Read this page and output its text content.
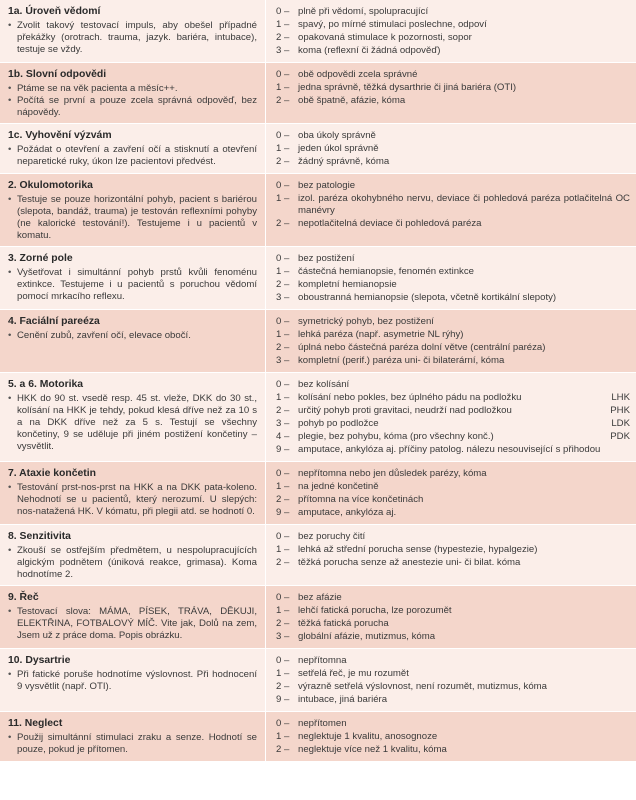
1a. Úroveň vědomí
• Zvolit takový testovací impuls, aby obešel případné překážky (orotrach. trauma, jazyk. bariéra, intubace), testuje se vždy.
0 – plně při vědomí, spolupracující
1 – spavý, po mírné stimulaci poslechne, odpoví
2 – opakovaná stimulace k pozornosti, sopor
3 – koma (reflexní či žádná odpověď)
1b. Slovní odpovědi
• Ptáme se na věk pacienta a měsíc++.
• Počítá se první a pouze zcela správná odpověď, bez nápovědy.
0 – obě odpovědi zcela správné
1 – jedna správně, těžká dysarthrie či jiná bariéra (OTI)
2 – obě špatně, afázie, kóma
1c. Vyhovění výzvám
• Požádat o otevření a zavření očí a stisknutí a otevření neparetické ruky, úkon lze pacientovi předvést.
0 – oba úkoly správně
1 – jeden úkol správně
2 – žádný správně, kóma
2. Okulomotorika
• Testuje se pouze horizontální pohyb, pacient s bariérou (slepota, bandáž, trauma) je testován reflexními pohyby (ne kalorické testování!). Testujeme i u pacientů v komatu.
0 – bez patologie
1 – izol. paréza okohybného nervu, deviace či pohledová paréza potlačitelná OC manévry
2 – nepotlačitelná deviace či pohledová paréza
3. Zorné pole
• Vyšetřovat i simultánní pohyb prstů kvůli fenoménu extinkce. Testujeme i u pacientů s poruchou vědomí pomocí mrkacího reflexu.
0 – bez postižení
1 – částečná hemianopsie, fenomén extinkce
2 – kompletní hemianopsie
3 – oboustranná hemianopsie (slepota, včetně kortikální slepoty)
4. Faciální pareéza
• Cenění zubů, zavření očí, elevace obočí.
0 – symetrický pohyb, bez postižení
1 – lehká paréza (např. asymetrie NL rýhy)
2 – úplná nebo částečná paréza dolní větve (centrální paréza)
3 – kompletní (perif.) paréza uni- či bilaterární, kóma
5. a 6. Motorika
• HKK do 90 st. vsedě resp. 45 st. vleže, DKK do 30 st., kolísání na HKK je tehdy, pokud klesá dříve než za 10 s a na DKK dříve než za 5 s. Testují se všechny končetiny, 9 se uděluje při jiném postižení končetiny – vysvětlit.
0 – bez kolísání
1 – kolísání nebo pokles, bez úplného pádu na podložku	LHK
2 – určitý pohyb proti gravitaci, neudrží nad podložkou	PHK
3 – pohyb po podložce	LDK
4 – plegie, bez pohybu, kóma (pro všechny konč.)	PDK
9 – amputace, ankylóza aj. příčiny patolog. nálezu nesouvisející s přihodou
7. Ataxie končetin
• Testování prst-nos-prst na HKK a na DKK pata-koleno. Nehodnotí se u pacientů, který nerozumí. U slepých: nos-natažená HK. V kómatu, při plegii atd. se hodnotí 0.
0 – nepřítomna nebo jen důsledek parézy, kóma
1 – na jedné končetině
2 – přítomna na více končetinách
9 – amputace, ankylóza aj.
8. Senzitivita
• Zkouší se ostřejším předmětem, u nespolupracujících algickým podnětem (úniková reakce, grimasa). Koma hodnotíme 2.
0 – bez poruchy čití
1 – lehká až střední porucha sense (hypestezie, hypalgezie)
2 – těžká porucha senze až anestezie uni- či bilat. kóma
9. Řeč
• Testovací slova: MÁMA, PÍSEK, TRÁVA, DĚKUJI, ELEKTŘINA, FOTBALOVÝ MÍČ. Vite jak, Dolů na zem, Jsem už z práce doma. Popis obrázku.
0 – bez afázie
1 – lehčí fatická porucha, lze porozumět
2 – těžká fatická porucha
3 – globální afázie, mutizmus, kóma
10. Dysartrie
• Při fatické poruše hodnotíme výslovnost. Při hodnocení 9 vysvětlit (např. OTI).
0 – nepřítomna
1 – setřelá řeč, je mu rozumět
2 – výrazně setřelá výslovnost, není rozumět, mutizmus, kóma
9 – intubace, jiná bariéra
11. Neglect
• Použij simultánní stimulaci zraku a senze. Hodnotí se pouze, pokud je přítomen.
0 – nepřítomen
1 – neglektuje 1 kvalitu, anosognoze
2 – neglektuje více než 1 kvalitu, kóma
